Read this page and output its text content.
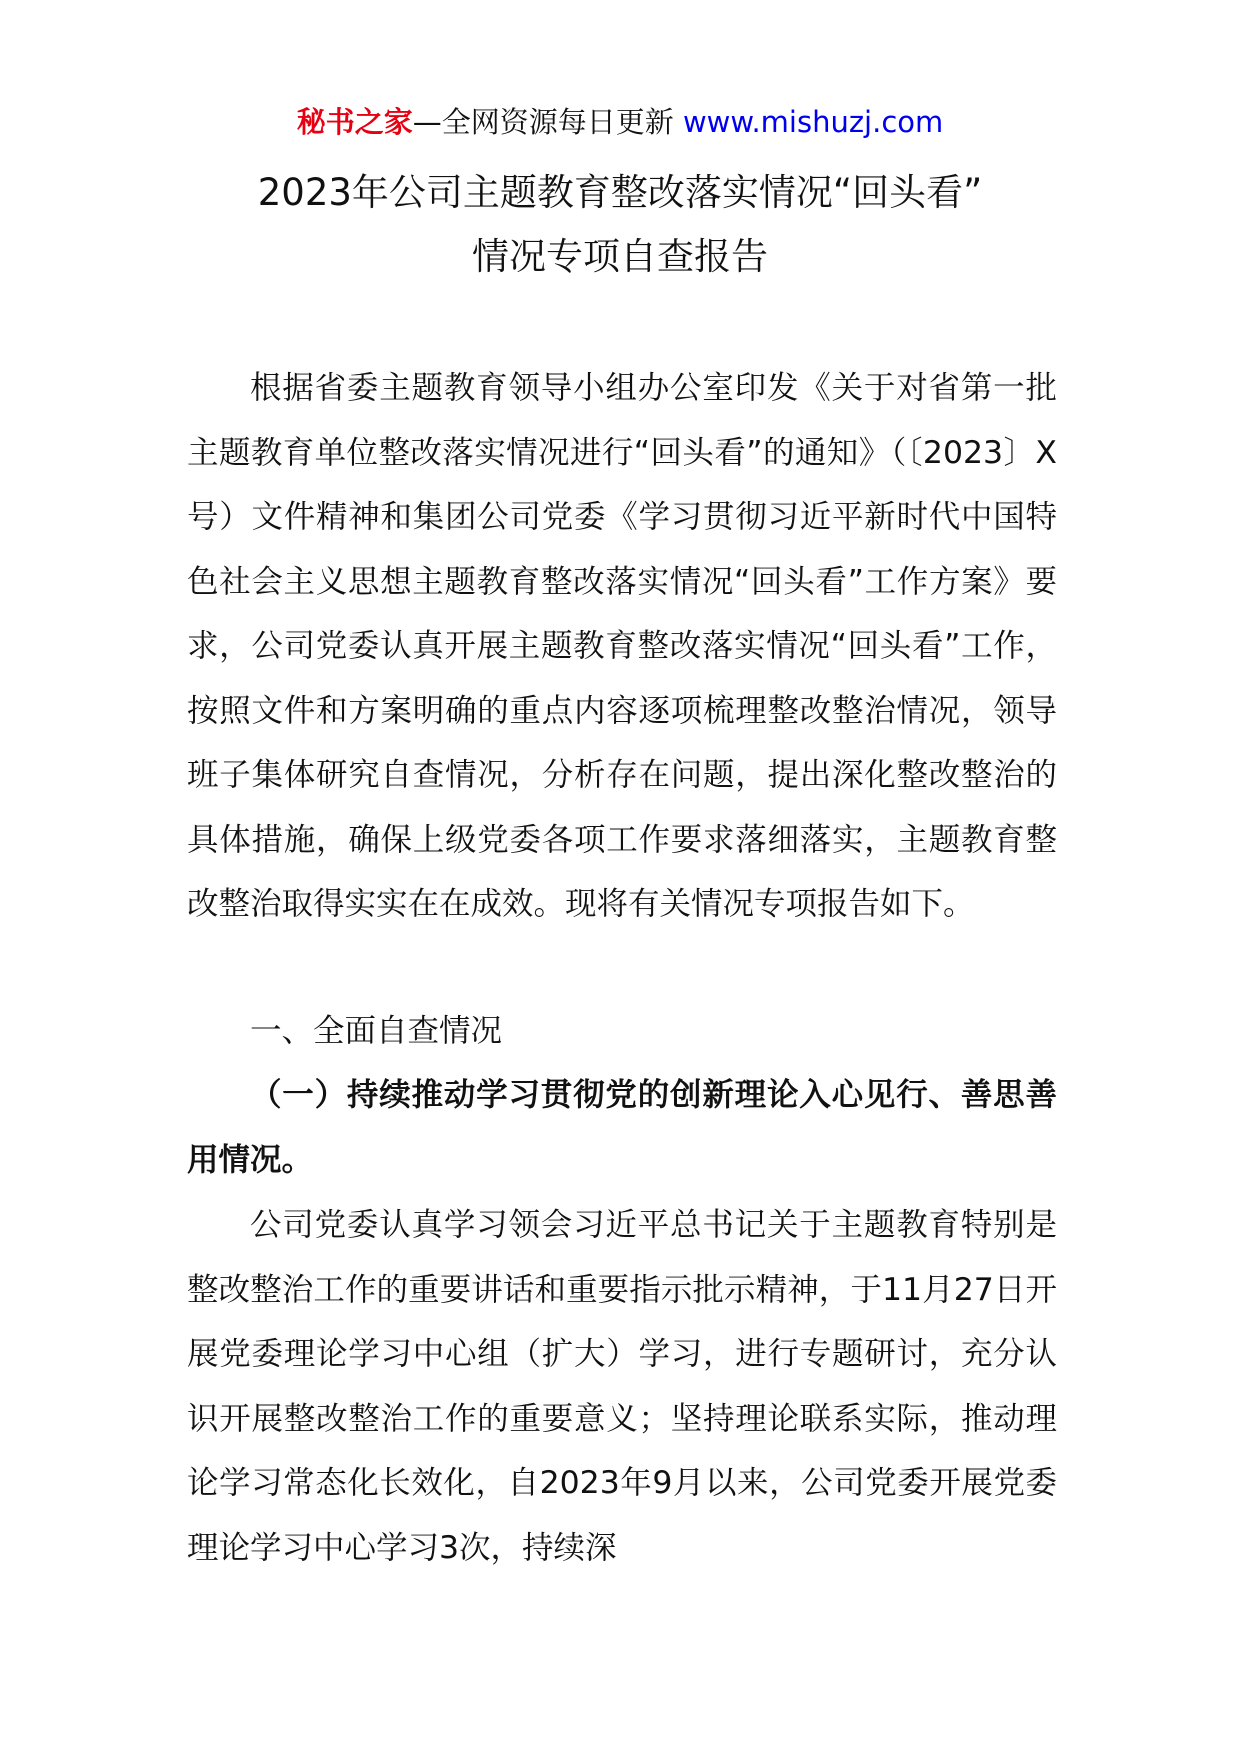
秘书之家—全网资源每日更新 www.mishuzj.com
2023年公司主题教育整改落实情况“回头看”
情况专项自查报告

根据省委主题教育领导小组办公室印发《关于对省第一批主题教育单位整改落实情况进行“回头看”的通知》（〔2023〕X号）文件精神和集团公司党委《学习贯彻习近平新时代中国特色社会主义思想主题教育整改落实情况“回头看”工作方案》要求，公司党委认真开展主题教育整改落实情况“回头看”工作，按照文件和方案明确的重点内容逐项梳理整改整治情况，领导班子集体研究自查情况，分析存在问题，提出深化整改整治的具体措施，确保上级党委各项工作要求落细落实，主题教育整改整治取得实实在在成效。现将有关情况专项报告如下。

一、全面自查情况

（一）持续推动学习贯彻党的创新理论入心见行、善思善用情况。

公司党委认真学习领会习近平总书记关于主题教育特别是整改整治工作的重要讲话和重要指示批示精神，于11月27日开展党委理论学习中心组（扩大）学习，进行专题研讨，充分认识开展整改整治工作的重要意义；坚持理论联系实际，推动理论学习常态化长效化，自2023年9月以来，公司党委开展党委理论学习中心学习3次，持续深
